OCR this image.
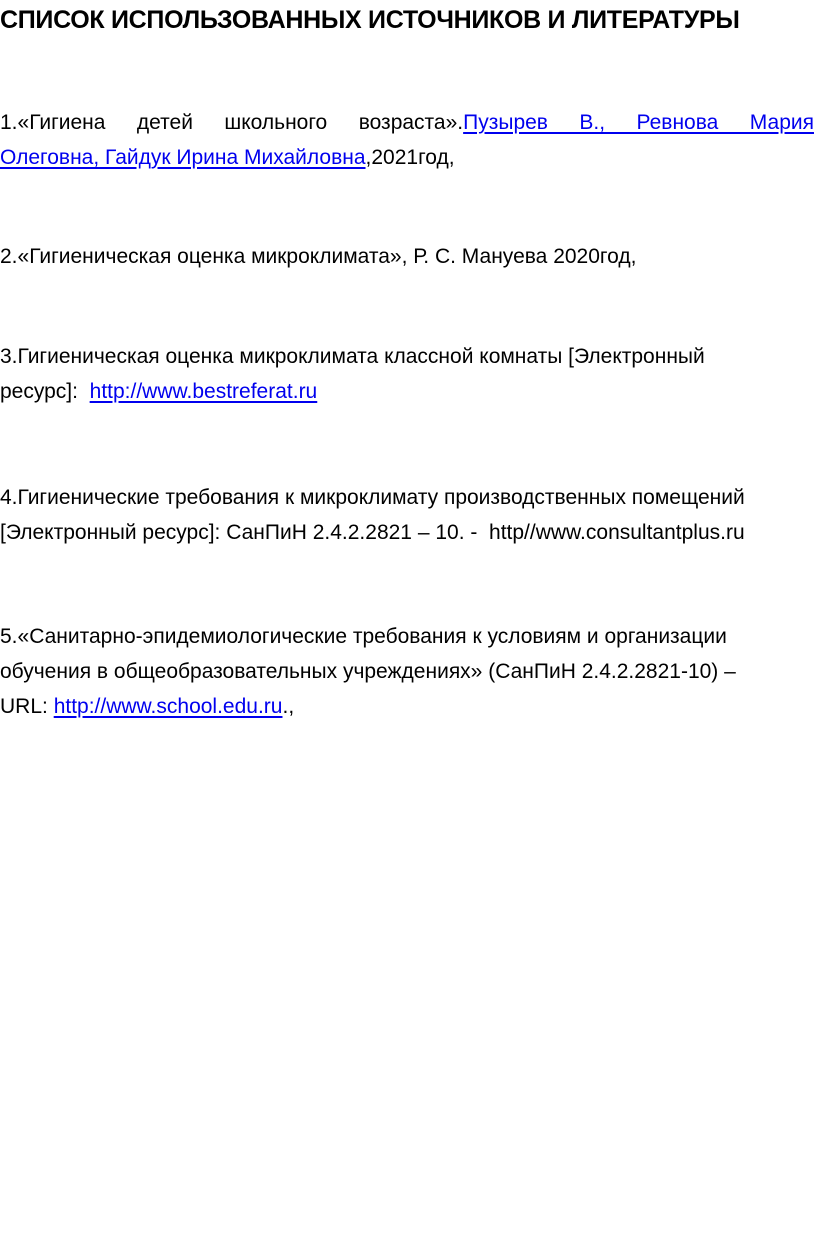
СПИСОК ИСПОЛЬЗОВАННЫХ ИСТОЧНИКОВ И ЛИТЕРАТУРЫ
1.«Гигиена детей школьного возраста».Пузырев В., Ревнова Мария
Олеговна, Гайдук Ирина Михайловна,2021год,
2.«Гигиеническая оценка микроклимата», Р. С. Мануева 2020год,
3.Гигиеническая оценка микроклимата классной комнаты [Электронный
ресурс]:  http://www.bestreferat.ru
4.Гигиенические требования к микроклимату производственных помещений
[Электронный ресурс]: СанПиН 2.4.2.2821 – 10. -  http//www.consultantplus.ru
5.«Санитарно-эпидемиологические требования к условиям и организации
обучения в общеобразовательных учреждениях» (СанПиН 2.4.2.2821-10) –
URL: http://www.school.edu.ru.,
